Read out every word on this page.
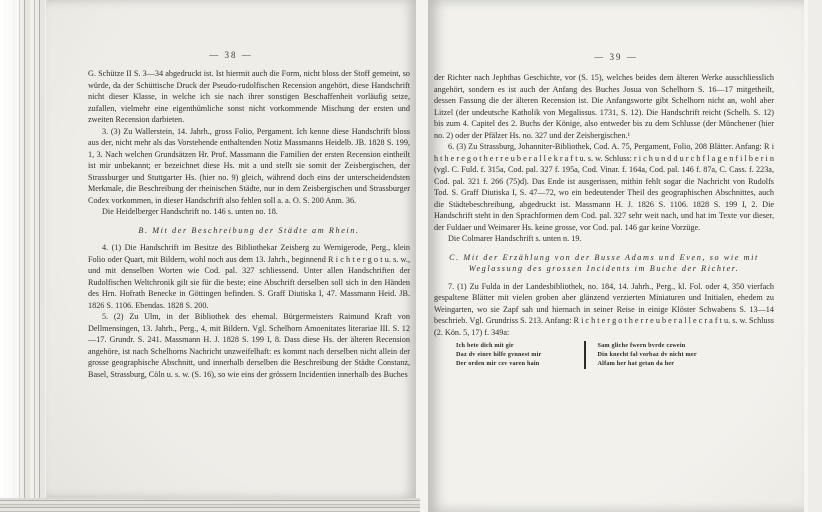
— 38 —

G. Schütze II S. 3—34 abgedruckt ist. Ist hiermit auch die Form, nicht bloss der Stoff gemeint, so würde, da der Schüttische Druck der Pseudo-rudolfischen Recension angehört, diese Handschrift nicht dieser Klasse, in welche ich sie nach ihrer sonstigen Beschaffenheit vorläufig setze, zufallen, vielmehr eine eigenthümliche sonst nicht vorkommende Mischung der ersten und zweiten Recension darbieten.

3. (3) Zu Wallerstein, 14. Jahrh., gross Folio, Pergament. Ich kenne diese Handschrift bloss aus der, nicht mehr als das Vorstehende enthaltenden Notiz Massmanns Heidelb. JB. 1828 S. 199, 1, 3. Nach welchen Grundsätzen Hr. Prof. Massmann die Familien der ersten Recension eintheilt ist mir unbekannt; er bezeichnet diese Hs. mit a und stellt sie somit der Zeisbergischen, der Strassburger und Stuttgarter Hs. (hier no. 9) gleich, während doch eins der unterscheidendsten Merkmale, die Beschreibung der rheinischen Städte, nur in dem Zeisbergischen und Strassburger Codex vorkommen, in dieser Handschrift also fehlen soll a. a. O. S. 200 Anm. 36.

Die Heidelberger Handschrift no. 146 s. unten no. 18.

B. Mit der Beschreibung der Städte am Rhein.

4. (1) Die Handschrift im Besitze des Bibliothekar Zeisberg zu Wernigerode, Perg., klein Folio oder Quart, mit Bildern, wohl noch aus dem 13. Jahrh., beginnend R i c h t e r g o t u. s. w., und mit denselben Worten wie Cod. pal. 327 schliessend. Unter allen Handschriften der Rudolfischen Weltchronik gilt sie für die beste; eine Abschrift derselben soll sich in den Händen des Hrn. Hofrath Benecke in Göttingen befinden. S. Graff Diutiska I, 47. Massmann Heid. JB. 1826 S. 1106. Ebendas. 1828 S. 200.

5. (2) Zu Ulm, in der Bibliothek des ehemal. Bürgermeisters Raimund Kraft von Dellmensingen, 13. Jahrh., Perg., 4, mit Bildern. Vgl. Schelhorn Amoenitates literariae III. S. 12—17. Grundr. S. 241. Massmann H. J. 1828 S. 199 I, 8. Dass diese Hs. der älteren Recension angehöre, ist nach Schelhorns Nachricht unzweifelhaft: es kommt nach derselben nicht allein der grosse geographische Abschnitt, und innerhalb derselben die Beschreibung der Städte Constanz, Basel, Strassburg, Cöln u. s. w. (S. 16), so wie eins der grössern Incidentien innerhalb des Buches

— 39 —

der Richter nach Jephthas Geschichte, vor (S. 15), welches beides dem älteren Werke ausschliesslich angehört, sondern es ist auch der Anfang des Buches Josua von Schelhorn S. 16—17 mitgetheilt, dessen Fassung die der älteren Recension ist. Die Anfangsworte gibt Schelhorn nicht an, wohl aber Litzel (der undeutsche Katholik von Megalissus. 1731, S. 12). Die Handschrift reicht (Schelh. S. 12) bis zum 4. Capitel des 2. Buchs der Könige, also entweder bis zu dem Schlusse (der Münchener (hier no. 2) oder der Pfälzer Hs. no. 327 und der Zeisbergischen.¹

6. (3) Zu Strassburg, Johanniter-Bibliothek, Cod. A. 75, Pergament, Folio, 208 Blätter. Anfang: R i h t h e r e g o t h e r r e u b e r a l l e k r a f t u. s. w. Schluss: r i c h u n d d u r c h f l a g e n f i l b e r i n (vgl. C. Fuld. f. 315a, Cod. pal. 327 f. 195a, Cod. Vinar. f. 164a, Cod. pal. 146 f. 87a, C. Cass. f. 223a, Cod. pal. 321 f. 266 (75)d). Das Ende ist ausgerissen, mithin fehlt sogar die Nachricht von Rudolfs Tod. S. Graff Diutiska I, S. 47—72, wo ein bedeutender Theil des geographischen Abschnittes, auch die Städtebeschreibung, abgedruckt ist. Massmann H. J. 1826 S. 1106. 1828 S. 199 I, 2. Die Handschrift steht in den Sprachformen dem Cod. pal. 327 sehr weit nach, und hat im Texte vor dieser, der Fuldaer und Weimarer Hs. keine grosse, vor Cod. pal. 146 gar keine Vorzüge.

Die Colmarer Handschrift s. unten n. 19.

C. Mit der Erzählung von der Busse Adams und Even, so wie mit Weglassung des grossen Incidents im Buche der Richter.

7. (1) Zu Fulda in der Landesbibliothek, no. 184, 14. Jahrh., Perg., kl. Fol. oder 4, 350 vierfach gespaltene Blätter mit vielen groben aber glänzend verzierten Miniaturen und Initialen, ehedem zu Weingarten, wo sie Zapf sah und hiernach in seiner Reise in einige Klöster Schwabens S. 13—14 beschrieb. Vgl. Grundriss S. 213. Anfang: R i c h t e r g o t h e r r e u b e r a l l e c r a f t u. s. w. Schluss (2. Kön. 5, 17) f. 349a:

Ich bete dich mit gir
Daz dv einre hilfe gvnnest mir
Der orden mir czv varen hain
Sam gliche fwern bvrde czwein
Din knecht fal vorbaz dv nicht mer
Alfam her hat getan da her
